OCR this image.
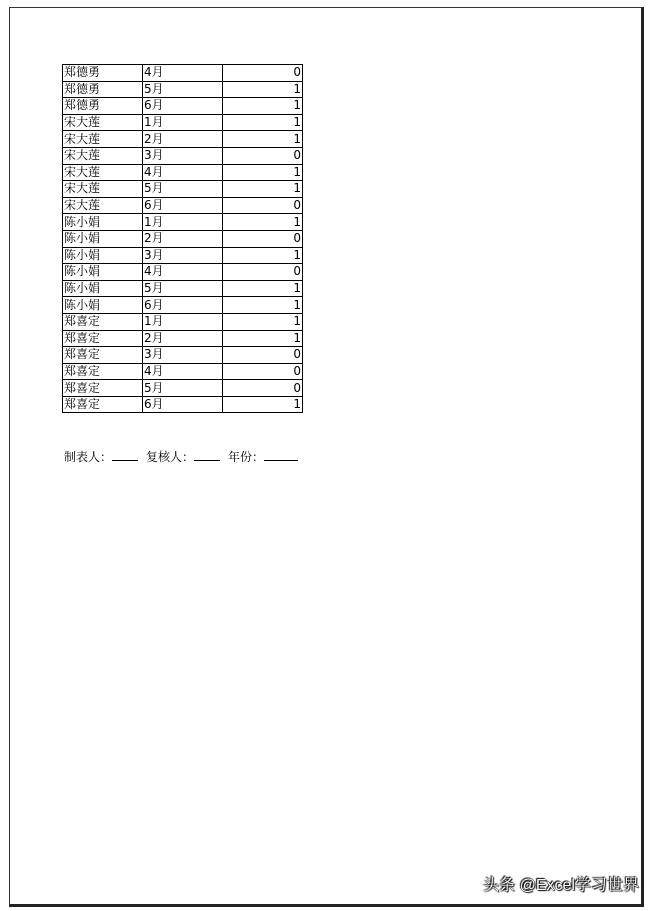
郑德勇	4月	0
郑德勇	5月	1
郑德勇	6月	1
宋大莲	1月	1
宋大莲	2月	1
宋大莲	3月	0
宋大莲	4月	1
宋大莲	5月	1
宋大莲	6月	0
陈小娟	1月	1
陈小娟	2月	0
陈小娟	3月	1
陈小娟	4月	0
陈小娟	5月	1
陈小娟	6月	1
郑喜定	1月	1
郑喜定	2月	1
郑喜定	3月	0
郑喜定	4月	0
郑喜定	5月	0
郑喜定	6月	1
制表人：	复核人：	年份：
头条 @Excel学习世界
